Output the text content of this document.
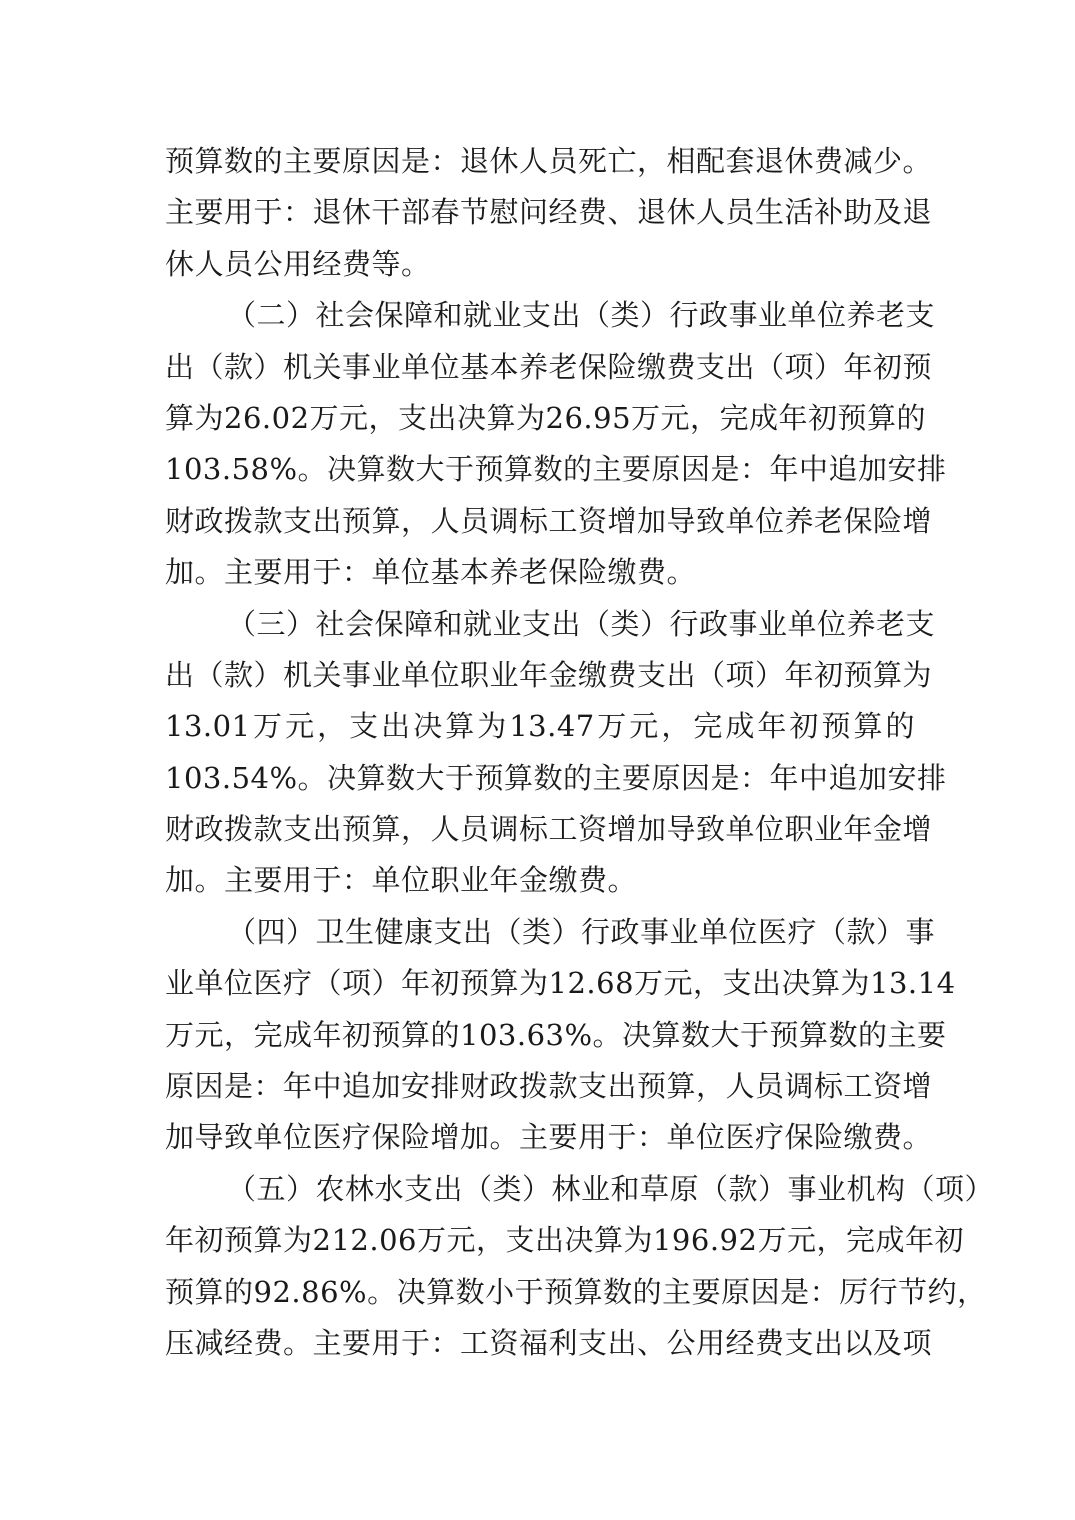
预算数的主要原因是：退休人员死亡，相配套退休费减少。
主要用于：退休干部春节慰问经费、退休人员生活补助及退
休人员公用经费等。
（二）社会保障和就业支出（类）行政事业单位养老支
出（款）机关事业单位基本养老保险缴费支出（项）年初预
算为26.02万元，支出决算为26.95万元，完成年初预算的
103.58%。决算数大于预算数的主要原因是：年中追加安排
财政拨款支出预算，人员调标工资增加导致单位养老保险增
加。主要用于：单位基本养老保险缴费。
（三）社会保障和就业支出（类）行政事业单位养老支
出（款）机关事业单位职业年金缴费支出（项）年初预算为
13.01万元，支出决算为13.47万元，完成年初预算的
103.54%。决算数大于预算数的主要原因是：年中追加安排
财政拨款支出预算，人员调标工资增加导致单位职业年金增
加。主要用于：单位职业年金缴费。
（四）卫生健康支出（类）行政事业单位医疗（款）事
业单位医疗（项）年初预算为12.68万元，支出决算为13.14
万元，完成年初预算的103.63%。决算数大于预算数的主要
原因是：年中追加安排财政拨款支出预算，人员调标工资增
加导致单位医疗保险增加。主要用于：单位医疗保险缴费。
（五）农林水支出（类）林业和草原（款）事业机构（项）
年初预算为212.06万元，支出决算为196.92万元，完成年初
预算的92.86%。决算数小于预算数的主要原因是：厉行节约，
压减经费。主要用于：工资福利支出、公用经费支出以及项
